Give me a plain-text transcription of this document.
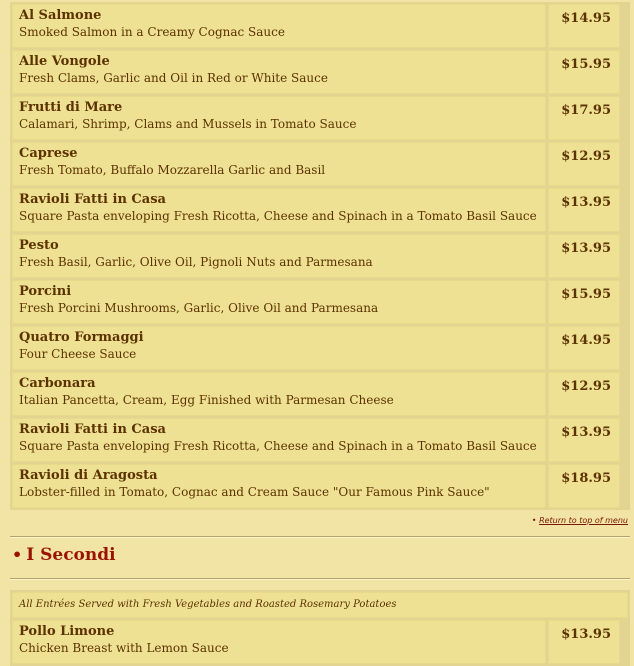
Al Salmone
Smoked Salmon in a Creamy Cognac Sauce
$14.95
Alle Vongole
Fresh Clams, Garlic and Oil in Red or White Sauce
$15.95
Frutti di Mare
Calamari, Shrimp, Clams and Mussels in Tomato Sauce
$17.95
Caprese
Fresh Tomato, Buffalo Mozzarella Garlic and Basil
$12.95
Ravioli Fatti in Casa
Square Pasta enveloping Fresh Ricotta, Cheese and Spinach in a Tomato Basil Sauce
$13.95
Pesto
Fresh Basil, Garlic, Olive Oil, Pignoli Nuts and Parmesana
$13.95
Porcini
Fresh Porcini Mushrooms, Garlic, Olive Oil and Parmesana
$15.95
Quatro Formaggi
Four Cheese Sauce
$14.95
Carbonara
Italian Pancetta, Cream, Egg Finished with Parmesan Cheese
$12.95
Ravioli Fatti in Casa
Square Pasta enveloping Fresh Ricotta, Cheese and Spinach in a Tomato Basil Sauce
$13.95
Ravioli di Aragosta
Lobster-filled in Tomato, Cognac and Cream Sauce "Our Famous Pink Sauce"
$18.95
• Return to top of menu
• I Secondi
All Entrées Served with Fresh Vegetables and Roasted Rosemary Potatoes
Pollo Limone
Chicken Breast with Lemon Sauce
$13.95
